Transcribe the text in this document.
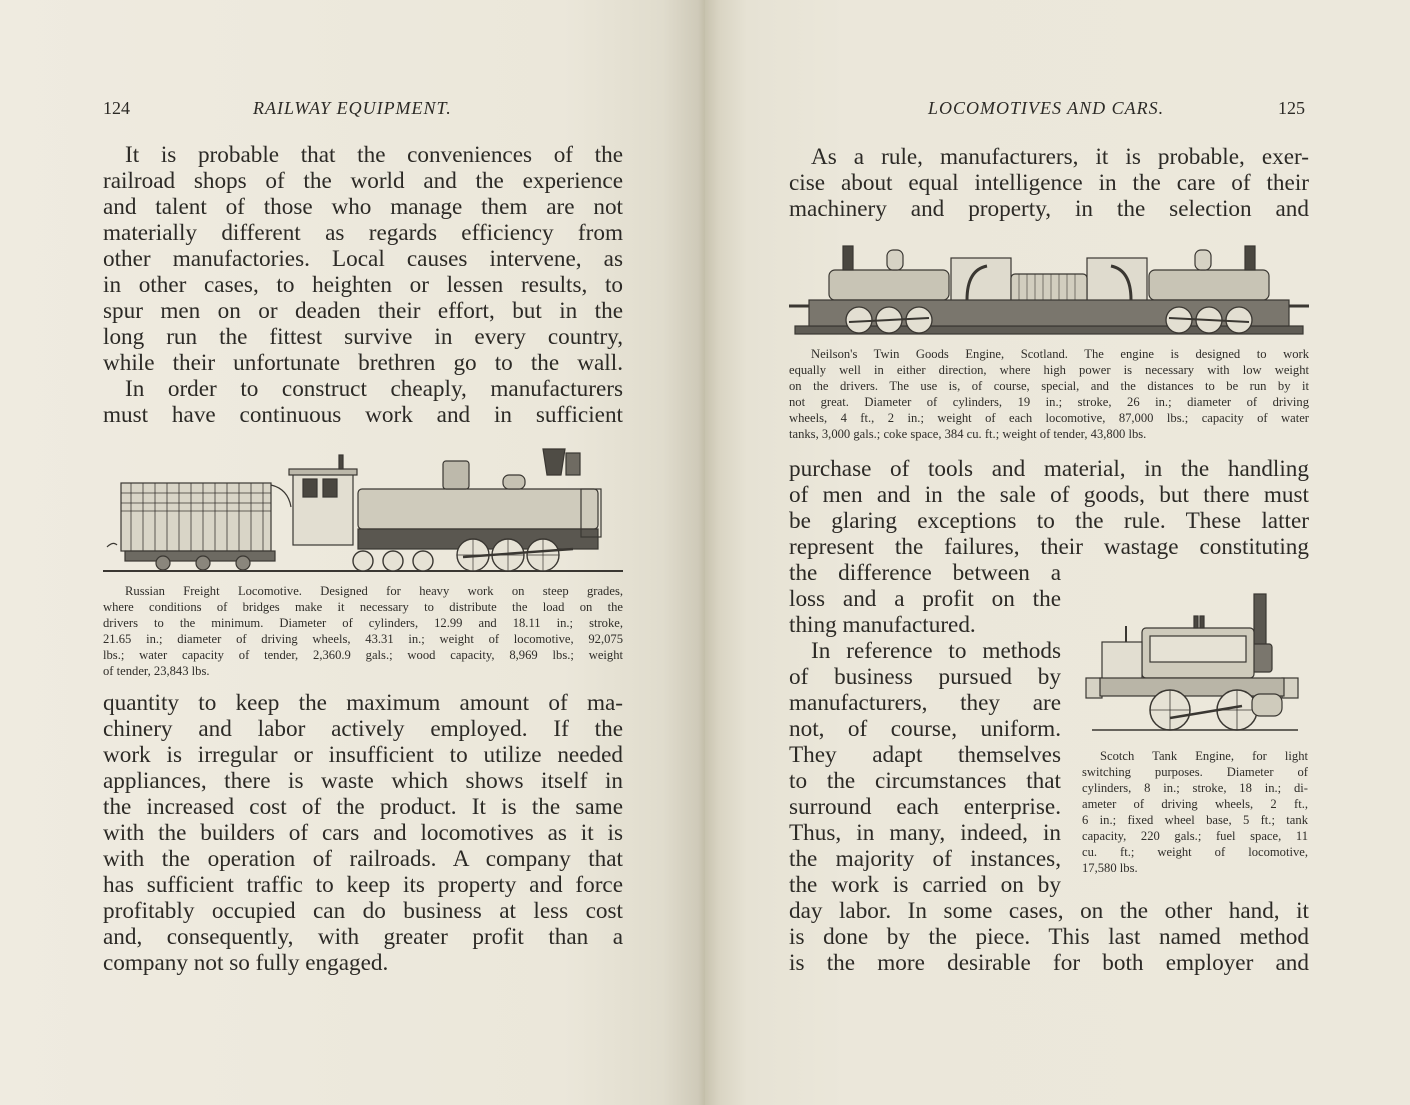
124	RAILWAY EQUIPMENT.
It is probable that the conveniences of the
railroad shops of the world and the experience
and talent of those who manage them are not
materially different as regards efficiency from
other manufactories. Local causes intervene, as
in other cases, to heighten or lessen results, to
spur men on or deaden their effort, but in the
long run the fittest survive in every country,
while their unfortunate brethren go to the wall.
In order to construct cheaply, manufacturers
must have continuous work and in sufficient
Russian Freight Locomotive. Designed for heavy work on steep grades,
where conditions of bridges make it necessary to distribute the load on the
drivers to the minimum. Diameter of cylinders, 12.99 and 18.11 in.; stroke,
21.65 in.; diameter of driving wheels, 43.31 in.; weight of locomotive, 92,075
lbs.; water capacity of tender, 2,360.9 gals.; wood capacity, 8,969 lbs.; weight
of tender, 23,843 lbs.
quantity to keep the maximum amount of ma-
chinery and labor actively employed. If the
work is irregular or insufficient to utilize needed
appliances, there is waste which shows itself in
the increased cost of the product. It is the same
with the builders of cars and locomotives as it is
with the operation of railroads. A company that
has sufficient traffic to keep its property and force
profitably occupied can do business at less cost
and, consequently, with greater profit than a
company not so fully engaged.
LOCOMOTIVES AND CARS.	125
As a rule, manufacturers, it is probable, exer-
cise about equal intelligence in the care of their
machinery and property, in the selection and
Neilson's Twin Goods Engine, Scotland. The engine is designed to work
equally well in either direction, where high power is necessary with low weight
on the drivers. The use is, of course, special, and the distances to be run by it
not great. Diameter of cylinders, 19 in.; stroke, 26 in.; diameter of driving
wheels, 4 ft., 2 in.; weight of each locomotive, 87,000 lbs.; capacity of water
tanks, 3,000 gals.; coke space, 384 cu. ft.; weight of tender, 43,800 lbs.
purchase of tools and material, in the handling
of men and in the sale of goods, but there must
be glaring exceptions to the rule. These latter
represent the failures, their wastage constituting
the difference between a
loss and a profit on the
thing manufactured.
In reference to methods
of business pursued by
manufacturers, they are
not, of course, uniform.
They adapt themselves
to the circumstances that
surround each enterprise.
Thus, in many, indeed, in
the majority of instances,
the work is carried on by
Scotch Tank Engine, for light
switching purposes. Diameter of
cylinders, 8 in.; stroke, 18 in.; di-
ameter of driving wheels, 2 ft.,
6 in.; fixed wheel base, 5 ft.; tank
capacity, 220 gals.; fuel space, 11
cu. ft.; weight of locomotive,
17,580 lbs.
day labor. In some cases, on the other hand, it
is done by the piece. This last named method
is the more desirable for both employer and
